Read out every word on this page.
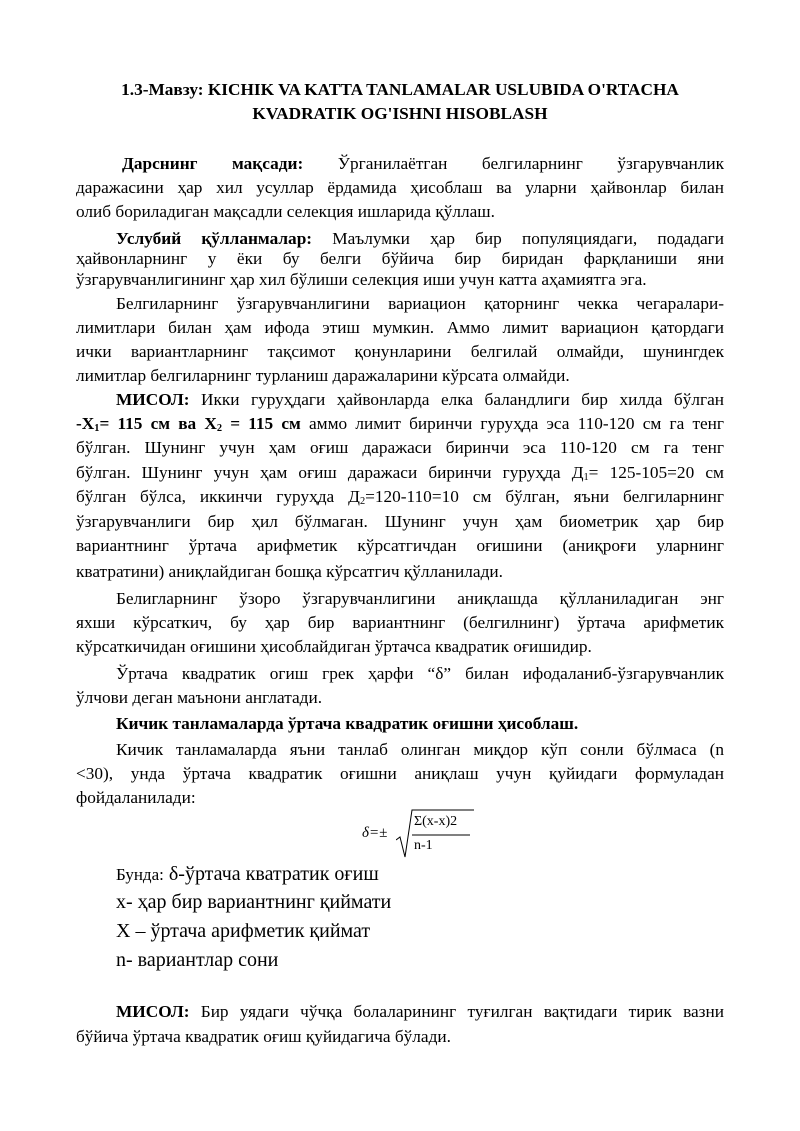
1.3-Мавзу: KICHIK VA KATTA TANLAMALAR USLUBIDA O'RTACHA
KVADRATIK OG'ISHNI HISOBLASH
Дарснинг мақсади: Ўрганилаётган белгиларнинг ўзгарувчанлик
даражасини ҳар хил усуллар ёрдамида ҳисоблаш ва уларни ҳайвонлар билан
олиб бориладиган мақсадли селекция ишларида қўллаш.
Услубий қўлланмалар: Маълумки ҳар бир популяциядаги, подадаги
ҳайвонларнинг у ёки бу белги бўйича бир биридан фарқланиши яни
ўзгарувчанлигининг ҳар хил бўлиши селекция иши учун катта аҳамиятга эга.
Белгиларнинг ўзгарувчанлигини вариацион қаторнинг чекка чегаралари-
лимитлари билан ҳам ифода этиш мумкин. Аммо лимит вариацион қатордаги
ички вариантларнинг тақсимот қонунларини белгилай олмайди, шунингдек
лимитлар белгиларнинг турланиш даражаларини кўрсата олмайди.
МИСОЛ: Икки гуруҳдаги ҳайвонларда елка баландлиги бир хилда бўлган
$-Х_1= 115$ см ва $Х_2 = 115$ см аммо лимит биринчи гуруҳда эса 110-120 см га тенг
бўлган. Шунинг учун ҳам оғиш даражаси биринчи эса 110-120 см га тенг
бўлган. Шунинг учун ҳам оғиш даражаси биринчи гуруҳда $Д_1= 125-105=20$ см
бўлган бўлса, иккинчи гуруҳда $Д_2=120-110=10$ см бўлган, яъни белгиларнинг
ўзгарувчанлиги бир ҳил бўлмаган. Шунинг учун ҳам биометрик ҳар бир
вариантнинг ўртача арифметик кўрсатгичдан оғишини (аниқроғи уларнинг
кватратини) аниқлайдиган бошқа кўрсатгич қўлланилади.
Белигларнинг ўзоро ўзгарувчанлигини аниқлашда қўлланиладиган энг
яхши кўрсаткич, бу ҳар бир вариантнинг (белгилнинг) ўртача арифметик
кўрсаткичидан оғишини ҳисоблайдиган ўртачса квадратик оғишидир.
Ўртача квадратик огиш грек ҳарфи “δ” билан ифодаланиб-ўзгарувчанлик
ўлчови деган маънони англатади.
Кичик танламаларда ўртача квадратик оғишни ҳисоблаш.
Кичик танламаларда яъни танлаб олинган миқдор кўп сонли бўлмаса (n
<30), унда ўртача квадратик оғишни аниқлаш учун қуйидаги формуладан
фойдаланилади:
δ=±
Σ(x-x)2
n-1
Бунда: δ-ўртача кватратик оғиш
х- ҳар бир вариантнинг қиймати
Х – ўртача арифметик қиймат
n- вариантлар сони
МИСОЛ: Бир уядаги чўчқа болаларининг туғилган вақтидаги тирик вазни
бўйича ўртача квадратик оғиш қуйидагича бўлади.
